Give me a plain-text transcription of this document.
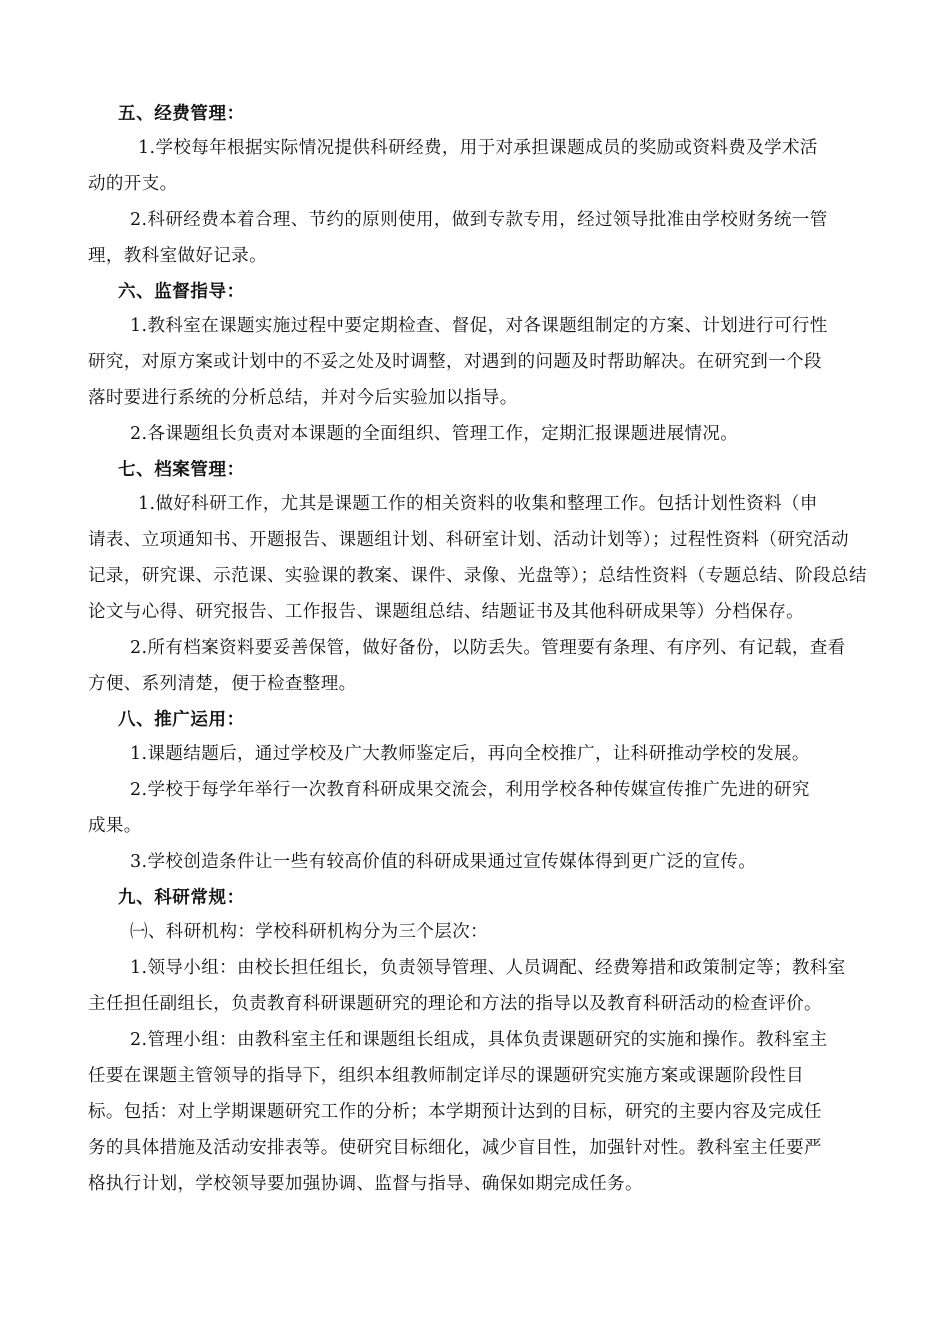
五、经费管理：
1.学校每年根据实际情况提供科研经费，用于对承担课题成员的奖励或资料费及学术活
动的开支。
2.科研经费本着合理、节约的原则使用，做到专款专用，经过领导批准由学校财务统一管
理，教科室做好记录。
六、监督指导：
1.教科室在课题实施过程中要定期检查、督促，对各课题组制定的方案、计划进行可行性
研究，对原方案或计划中的不妥之处及时调整，对遇到的问题及时帮助解决。在研究到一个段
落时要进行系统的分析总结，并对今后实验加以指导。
2.各课题组长负责对本课题的全面组织、管理工作，定期汇报课题进展情况。
七、档案管理：
1.做好科研工作，尤其是课题工作的相关资料的收集和整理工作。包括计划性资料（申
请表、立项通知书、开题报告、课题组计划、科研室计划、活动计划等）；过程性资料（研究活动
记录，研究课、示范课、实验课的教案、课件、录像、光盘等）；总结性资料（专题总结、阶段总结
论文与心得、研究报告、工作报告、课题组总结、结题证书及其他科研成果等）分档保存。
2.所有档案资料要妥善保管，做好备份，以防丢失。管理要有条理、有序列、有记载，查看
方便、系列清楚，便于检查整理。
八、推广运用：
1.课题结题后，通过学校及广大教师鉴定后，再向全校推广，让科研推动学校的发展。
2.学校于每学年举行一次教育科研成果交流会，利用学校各种传媒宣传推广先进的研究
成果。
3.学校创造条件让一些有较高价值的科研成果通过宣传媒体得到更广泛的宣传。
九、科研常规：
㈠、科研机构：学校科研机构分为三个层次：
1.领导小组：由校长担任组长，负责领导管理、人员调配、经费筹措和政策制定等；教科室
主任担任副组长，负责教育科研课题研究的理论和方法的指导以及教育科研活动的检查评价。
2.管理小组：由教科室主任和课题组长组成，具体负责课题研究的实施和操作。教科室主
任要在课题主管领导的指导下，组织本组教师制定详尽的课题研究实施方案或课题阶段性目
标。包括：对上学期课题研究工作的分析；本学期预计达到的目标，研究的主要内容及完成任
务的具体措施及活动安排表等。使研究目标细化，减少盲目性，加强针对性。教科室主任要严
格执行计划，学校领导要加强协调、监督与指导、确保如期完成任务。
